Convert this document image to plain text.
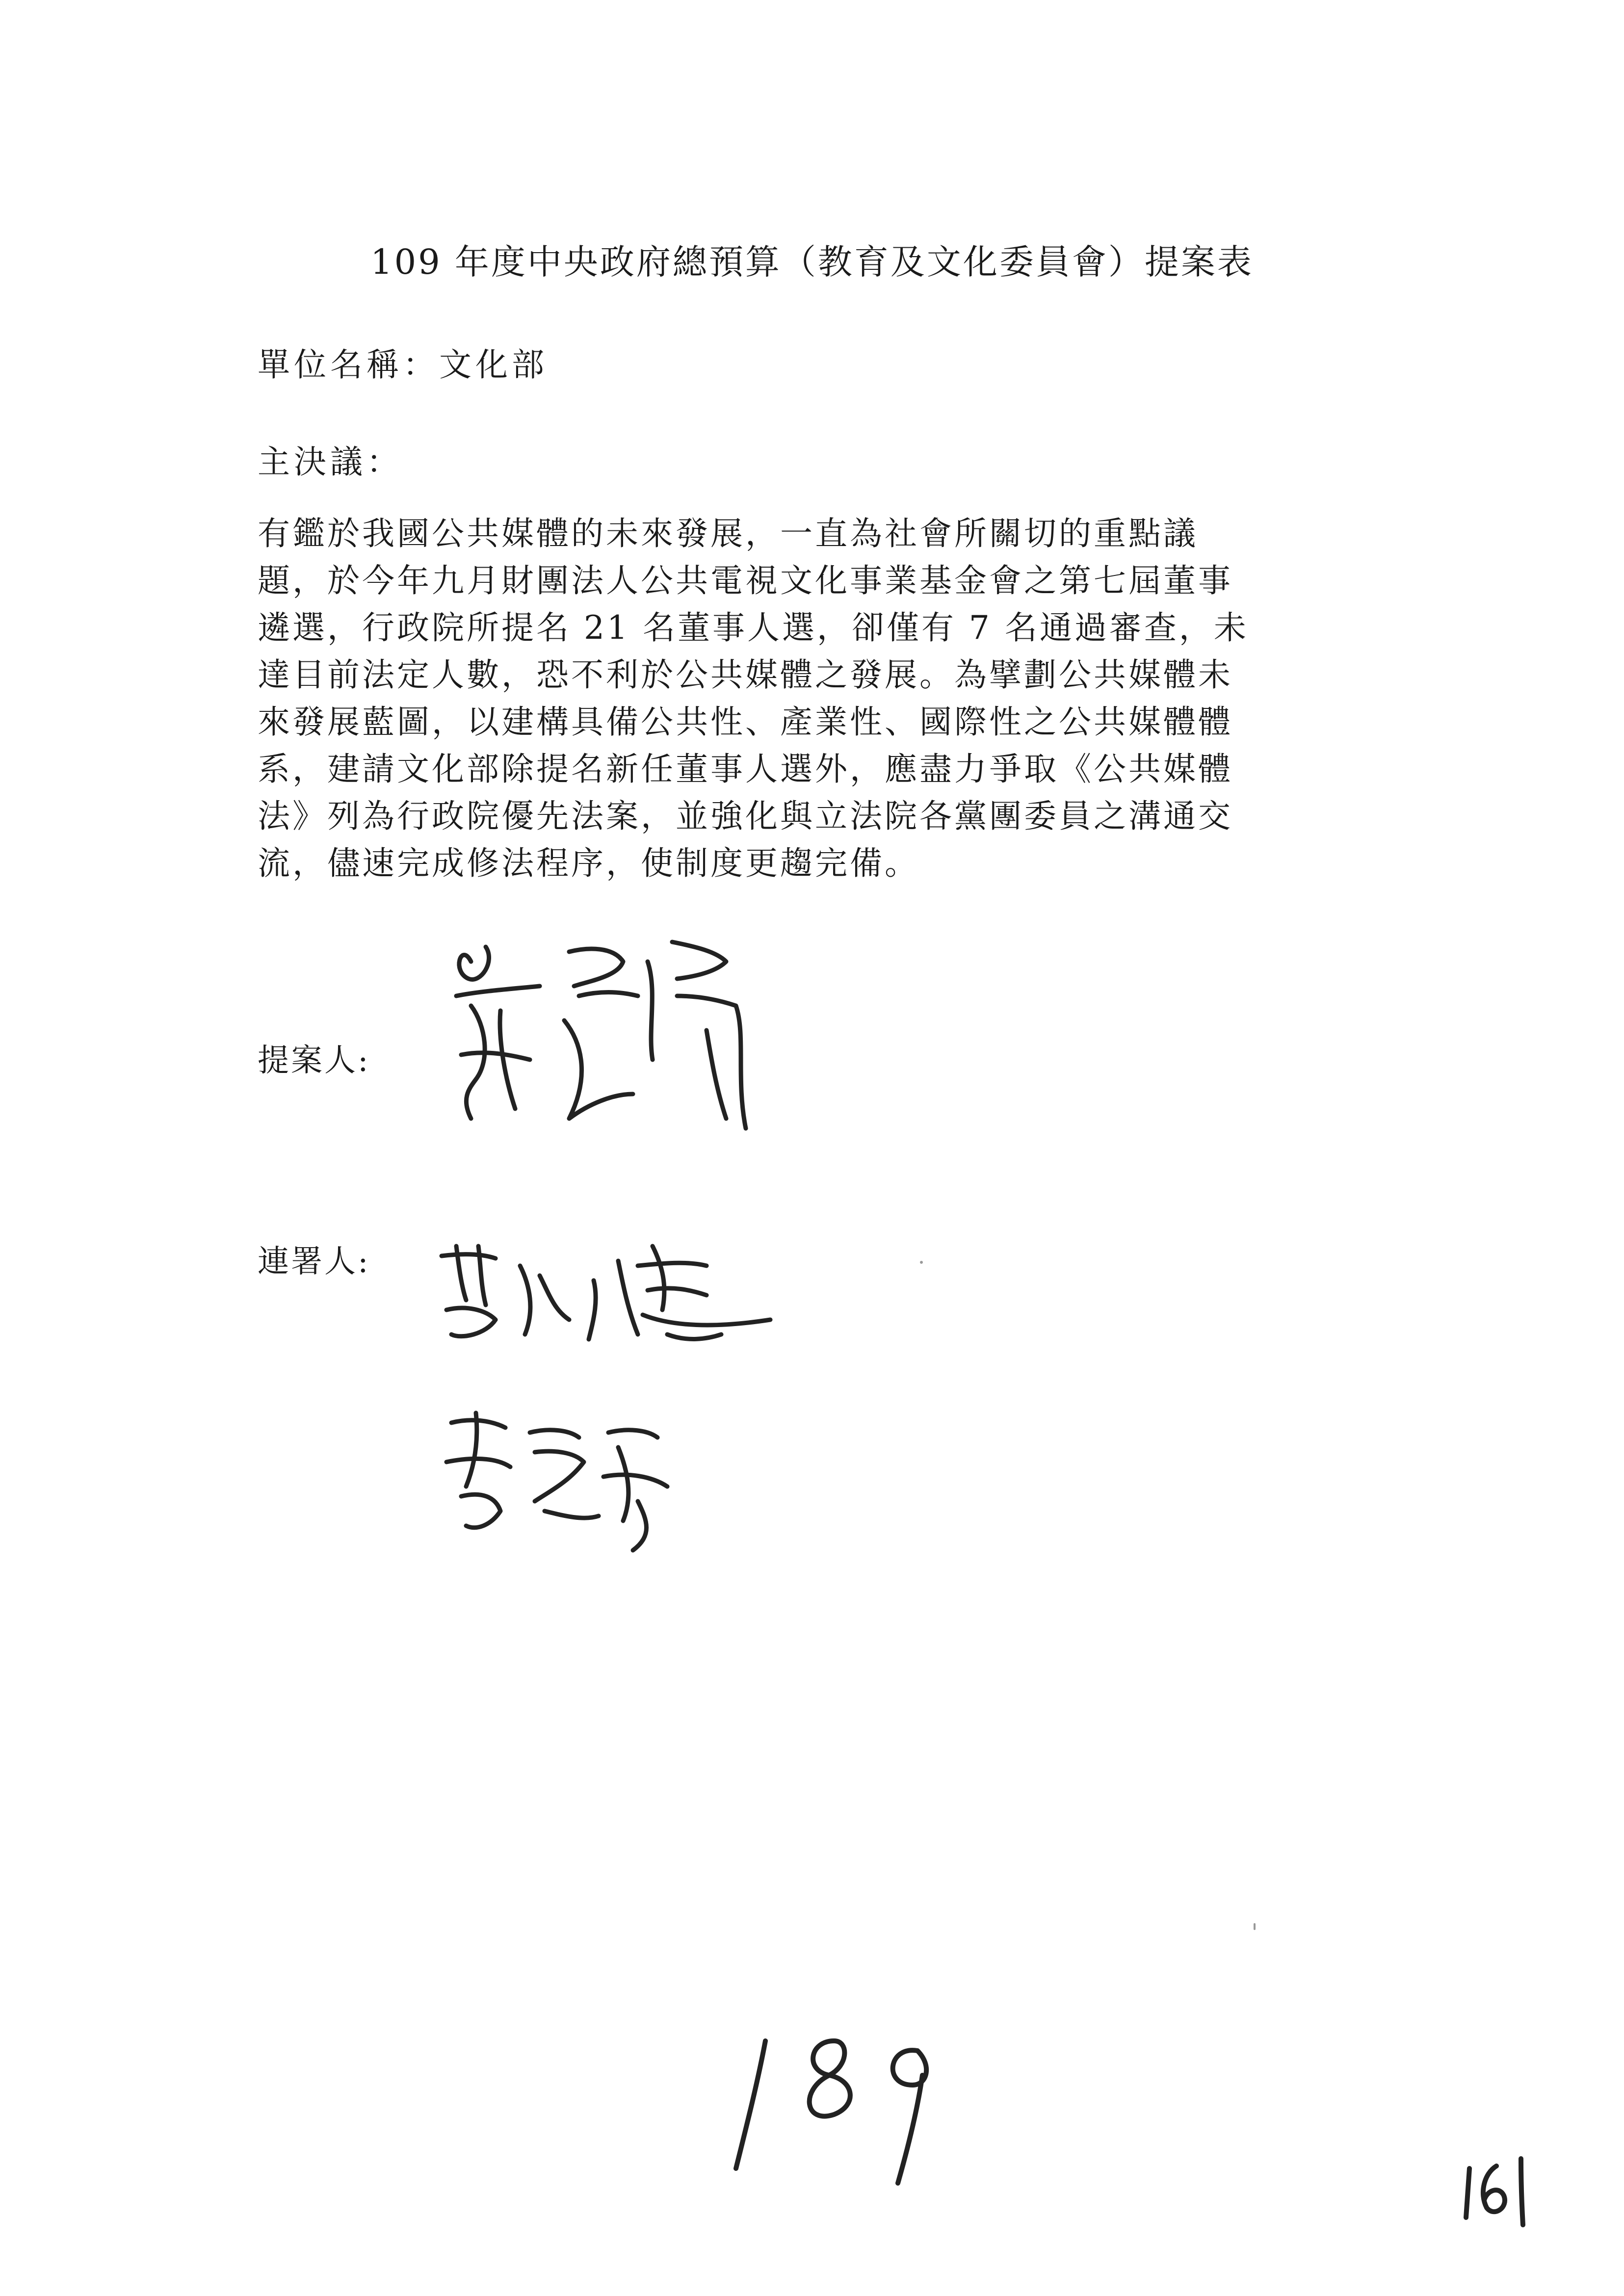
109 年度中央政府總預算（教育及文化委員會）提案表
單位名稱：文化部
主決議：
有鑑於我國公共媒體的未來發展，一直為社會所關切的重點議
題，於今年九月財團法人公共電視文化事業基金會之第七屆董事
遴選，行政院所提名 21 名董事人選，卻僅有 7 名通過審查，未
達目前法定人數，恐不利於公共媒體之發展。為擘劃公共媒體未
來發展藍圖，以建構具備公共性、產業性、國際性之公共媒體體
系，建請文化部除提名新任董事人選外，應盡力爭取《公共媒體
法》列為行政院優先法案，並強化與立法院各黨團委員之溝通交
流，儘速完成修法程序，使制度更趨完備。
提案人:
連署人:
